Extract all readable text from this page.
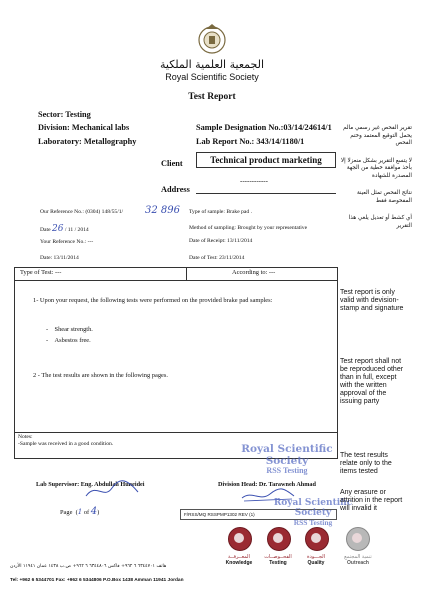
الجمعية العلمية الملكية
Royal Scientific Society
Test Report
Sector: Testing
Division: Mechanical labs
Laboratory: Metallography
Sample Designation No.:03/14/24614/1
Lab Report No.: 343/14/1180/1
Client	Technical product marketing
------------
Address
Our Reference No.: (0304) 148/55/1/ 32 896 Type of sample: Brake pad .
Date 26 / 11 / 2014	Method of sampling: Brought by your representative
Your Reference No.: ---	Date of Receipt: 13/11/2014
Date: 13/11/2014	Date of Test: 23/11/2014
Type of Test: ---	According to: ---
1- Upon your request, the following tests were performed on the provided brake pad samples:
-    Shear strength.
-    Asbestos free.
2 - The test results are shown in the following pages.
Notes:
-Sample was received in a good condition.	Royal Scientific Society
RSS Testing
Lab Supervisor: Eng. Abdullah Huneidei	Division Head: Dr. Tarawneh Ahmad
Page  (1 of 4)	F/RSS/MQ RSSPMP1302 REV (1)
Royal Scientific Society
RSS Testing
تقرير الفحص غير رسمي مالم يحمل التوقيع المعتمد وختم الفحص
لا يتسع التقرير بشكل منعزلا إلا بأخذ موافقة خطية من الجهة المصدرة للشهادة
نتائج الفحص تمثل العينة المفحوصة فقط
أي كشط أو تعديل يلغي هذا التقرير
Test report is only valid with devision-stamp and signature
Test report shall not be reproduced other than in full, except with the written approval of the issuing party
The test results relate only to the items tested
Any erasure or attrition in the report will invalid it
هاتف ٦٣٤٤٧٠١ ٦ ٩٦٢+ فاكس ٦٣٤٤٨٠٦ ٦ ٩٦٢+ ص.ب ١٤٣٨ عمان ١١٩٤١ الأردن
Tel: +962 6 5344701 Fax: +962 6 5344806 P.O.Box 1438 Amman 11941 Jordan
المعــرفــة
Knowledge
الفحــوصــات
Testing
الجـــودة
Quality
تنمية المجتمع
Outreach
